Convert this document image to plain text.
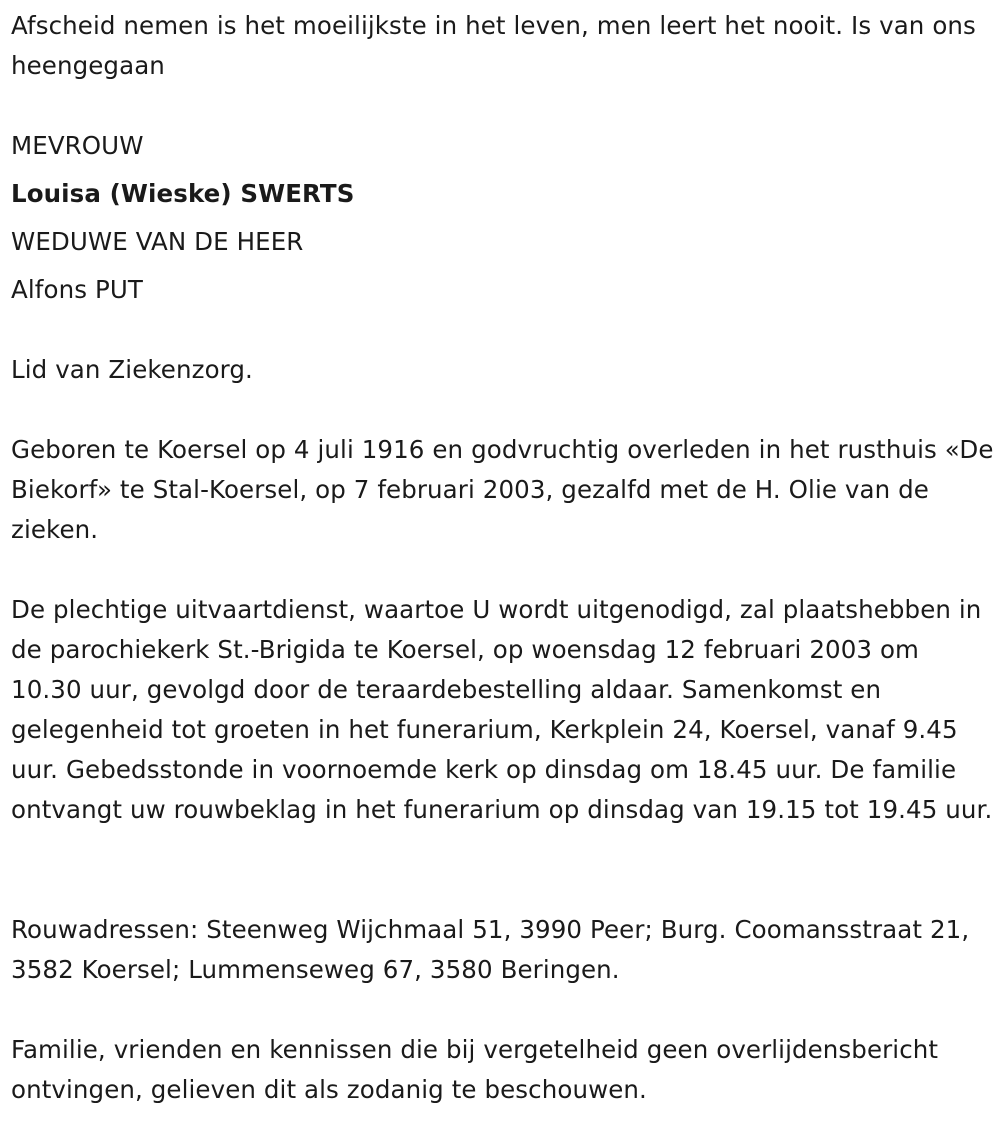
Afscheid nemen is het moeilijkste in het leven, men leert het nooit. Is van ons heengegaan

MEVROUW

Louisa (Wieske) SWERTS

WEDUWE VAN DE HEER

Alfons PUT

Lid van Ziekenzorg.

Geboren te Koersel op 4 juli 1916 en godvruchtig overleden in het rusthuis «De Biekorf» te Stal-Koersel, op 7 februari 2003, gezalfd met de H. Olie van de zieken.

De plechtige uitvaartdienst, waartoe U wordt uitgenodigd, zal plaatshebben in de parochiekerk St.-Brigida te Koersel, op woensdag 12 februari 2003 om 10.30 uur, gevolgd door de teraardebestelling aldaar. Samenkomst en gelegenheid tot groeten in het funerarium, Kerkplein 24, Koersel, vanaf 9.45 uur. Gebedsstonde in voornoemde kerk op dinsdag om 18.45 uur. De familie ontvangt uw rouwbeklag in het funerarium op dinsdag van 19.15 tot 19.45 uur.

Rouwadressen: Steenweg Wijchmaal 51, 3990 Peer; Burg. Coomansstraat 21, 3582 Koersel; Lummenseweg 67, 3580 Beringen.

Familie, vrienden en kennissen die bij vergetelheid geen overlijdensbericht ontvingen, gelieven dit als zodanig te beschouwen.
